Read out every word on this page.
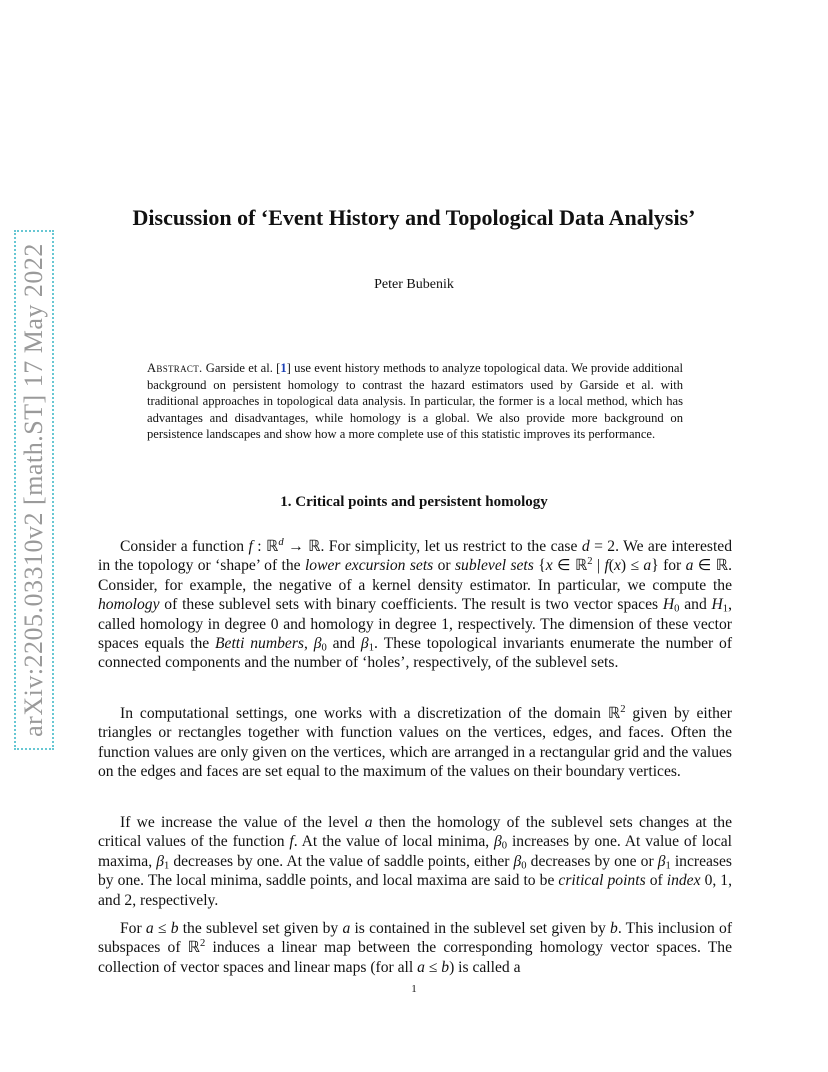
arXiv:2205.03310v2 [math.ST] 17 May 2022
Discussion of ‘Event History and Topological Data Analysis’
Peter Bubenik
Abstract. Garside et al. [1] use event history methods to analyze topological data. We provide additional background on persistent homology to contrast the hazard estimators used by Garside et al. with traditional approaches in topological data analysis. In particular, the former is a local method, which has advantages and disadvantages, while homology is a global. We also provide more background on persistence landscapes and show how a more complete use of this statistic improves its performance.
1. Critical points and persistent homology
Consider a function f : ℝ$^d$ → ℝ. For simplicity, let us restrict to the case d = 2. We are interested in the topology or ‘shape’ of the lower excursion sets or sublevel sets {x ∈ ℝ$^2$ | f(x) ≤ a} for a ∈ ℝ. Consider, for example, the negative of a kernel density estimator. In particular, we compute the homology of these sublevel sets with binary coefficients. The result is two vector spaces $H_0$ and $H_1$, called homology in degree 0 and homology in degree 1, respectively. The dimension of these vector spaces equals the Betti numbers, $\beta_0$ and $\beta_1$. These topological invariants enumerate the number of connected components and the number of ‘holes’, respectively, of the sublevel sets.
In computational settings, one works with a discretization of the domain ℝ$^2$ given by either triangles or rectangles together with function values on the vertices, edges, and faces. Often the function values are only given on the vertices, which are arranged in a rectangular grid and the values on the edges and faces are set equal to the maximum of the values on their boundary vertices.
If we increase the value of the level a then the homology of the sublevel sets changes at the critical values of the function f. At the value of local minima, $\beta_0$ increases by one. At value of local maxima, $\beta_1$ decreases by one. At the value of saddle points, either $\beta_0$ decreases by one or $\beta_1$ increases by one. The local minima, saddle points, and local maxima are said to be critical points of index 0, 1, and 2, respectively.
For a ≤ b the sublevel set given by a is contained in the sublevel set given by b. This inclusion of subspaces of ℝ$^2$ induces a linear map between the corresponding homology vector spaces. The collection of vector spaces and linear maps (for all a ≤ b) is called a
1
